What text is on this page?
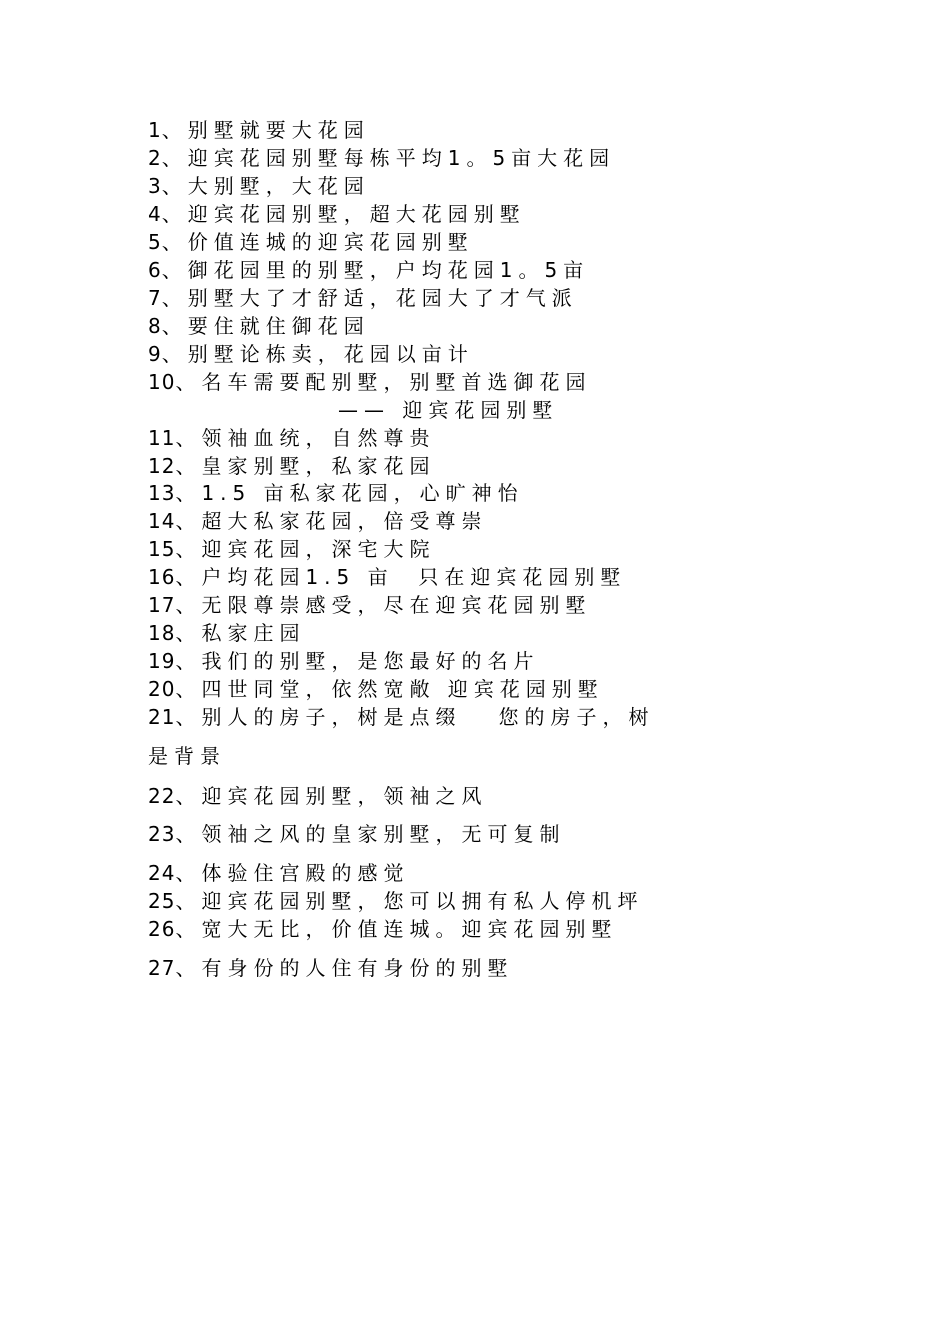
1、别墅就要大花园
2、迎宾花园别墅每栋平均1。5亩大花园
3、大别墅，大花园
4、迎宾花园别墅，超大花园别墅
5、价值连城的迎宾花园别墅
6、御花园里的别墅，户均花园1。5亩
7、别墅大了才舒适，花园大了才气派
8、要住就住御花园
9、别墅论栋卖，花园以亩计
10、名车需要配别墅，别墅首选御花园
—— 迎宾花园别墅
11、领袖血统，自然尊贵
12、皇家别墅，私家花园
13、1.5 亩私家花园，心旷神怡
14、超大私家花园，倍受尊崇
15、迎宾花园，深宅大院
16、户均花园1.5 亩  只在迎宾花园别墅
17、无限尊崇感受，尽在迎宾花园别墅
18、私家庄园
19、我们的别墅，是您最好的名片
20、四世同堂，依然宽敞 迎宾花园别墅
21、别人的房子，树是点缀   您的房子，树
是背景
22、迎宾花园别墅，领袖之风
23、领袖之风的皇家别墅，无可复制
24、体验住宫殿的感觉
25、迎宾花园别墅，您可以拥有私人停机坪
26、宽大无比，价值连城。迎宾花园别墅
27、有身份的人住有身份的别墅
